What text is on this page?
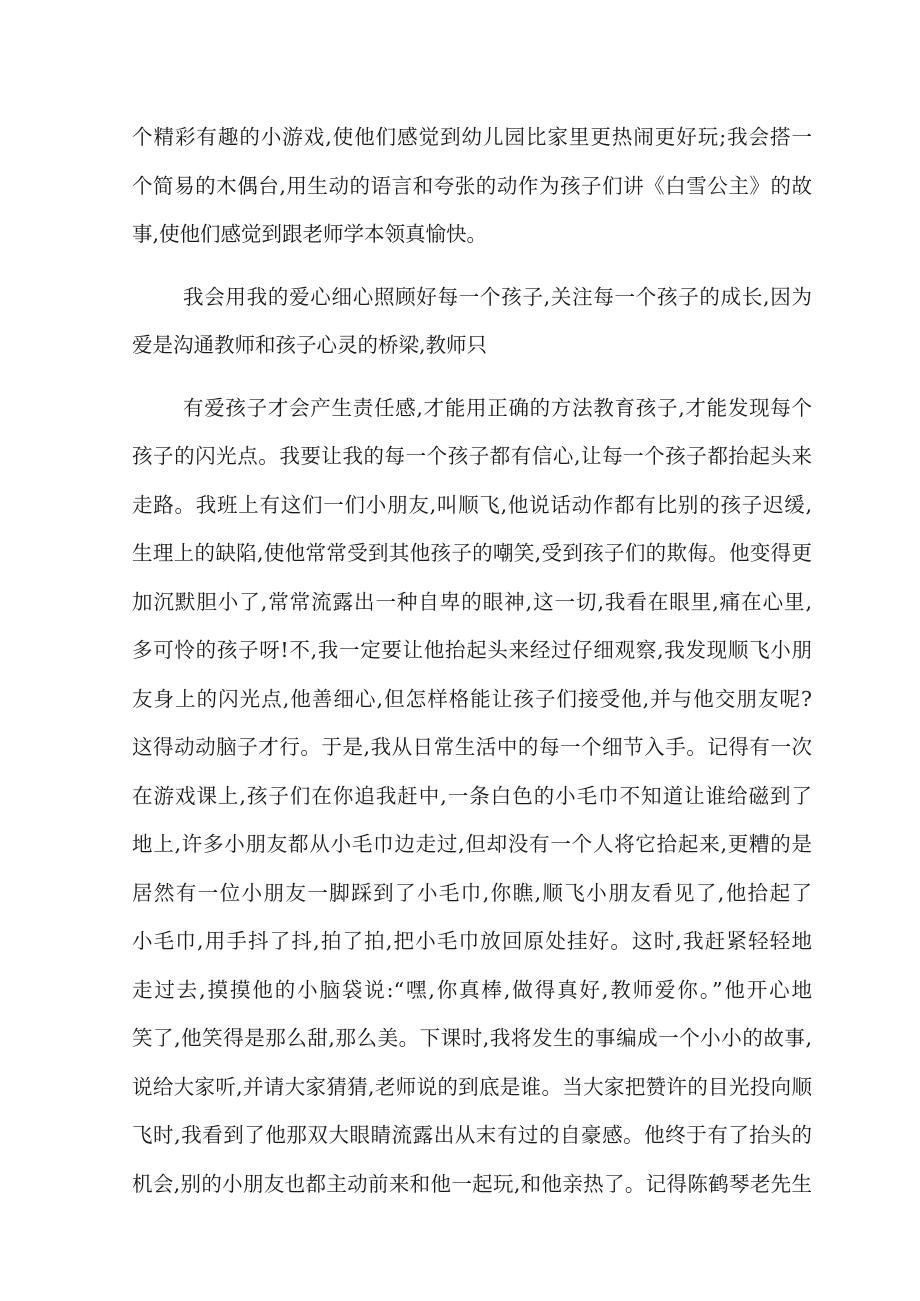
个精彩有趣的小游戏,使他们感觉到幼儿园比家里更热闹更好玩;我会搭一
个简易的木偶台,用生动的语言和夸张的动作为孩子们讲《白雪公主》的故
事,使他们感觉到跟老师学本领真愉快。
我会用我的爱心细心照顾好每一个孩子,关注每一个孩子的成长,因为
爱是沟通教师和孩子心灵的桥梁,教师只
有爱孩子才会产生责任感,才能用正确的方法教育孩子,才能发现每个
孩子的闪光点。我要让我的每一个孩子都有信心,让每一个孩子都抬起头来
走路。我班上有这们一们小朋友,叫顺飞,他说话动作都有比别的孩子迟缓,
生理上的缺陷,使他常常受到其他孩子的嘲笑,受到孩子们的欺侮。他变得更
加沉默胆小了,常常流露出一种自卑的眼神,这一切,我看在眼里,痛在心里,
多可怜的孩子呀!不,我一定要让他抬起头来经过仔细观察,我发现顺飞小朋
友身上的闪光点,他善细心,但怎样格能让孩子们接受他,并与他交朋友呢?
这得动动脑子才行。于是,我从日常生活中的每一个细节入手。记得有一次
在游戏课上,孩子们在你追我赶中,一条白色的小毛巾不知道让谁给磁到了
地上,许多小朋友都从小毛巾边走过,但却没有一个人将它拾起来,更糟的是
居然有一位小朋友一脚踩到了小毛巾,你瞧,顺飞小朋友看见了,他拾起了
小毛巾,用手抖了抖,拍了拍,把小毛巾放回原处挂好。这时,我赶紧轻轻地
走过去,摸摸他的小脑袋说:“嘿,你真棒,做得真好,教师爱你。”他开心地
笑了,他笑得是那么甜,那么美。下课时,我将发生的事编成一个小小的故事,
说给大家听,并请大家猜猜,老师说的到底是谁。当大家把赞许的目光投向顺
飞时,我看到了他那双大眼睛流露出从末有过的自豪感。他终于有了抬头的
机会,别的小朋友也都主动前来和他一起玩,和他亲热了。记得陈鹤琴老先生
